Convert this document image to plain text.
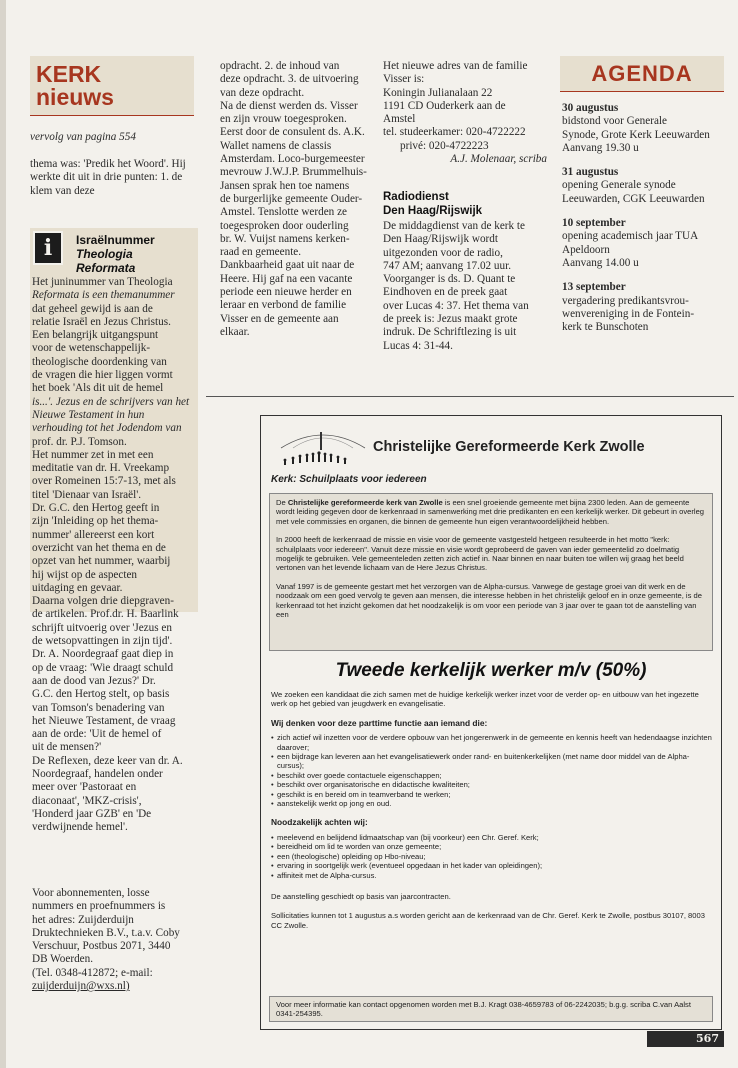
KERK
nieuws
vervolg van pagina 554
thema was: 'Predik het Woord'. Hij werkte dit uit in drie punten: 1. de klem van deze
i	Israëlnummer
Theologia
Reformata
Het juninummer van Theologia
Reformata is een themanummer
dat geheel gewijd is aan de
relatie Israël en Jezus Christus.
Een belangrijk uitgangspunt
voor de wetenschappelijk-
theologische doordenking van
de vragen die hier liggen vormt
het boek 'Als dit uit de hemel
is...'. Jezus en de schrijvers van het
Nieuwe Testament in hun
verhouding tot het Jodendom van
prof. dr. P.J. Tomson.
Het nummer zet in met een
meditatie van dr. H. Vreekamp
over Romeinen 15:7-13, met als
titel 'Dienaar van Israël'.
Dr. G.C. den Hertog geeft in
zijn 'Inleiding op het thema-
nummer' allereerst een kort
overzicht van het thema en de
opzet van het nummer, waarbij
hij wijst op de aspecten
uitdaging en gevaar.
Daarna volgen drie diepgraven-
de artikelen. Prof.dr. H. Baarlink
schrijft uitvoerig over 'Jezus en
de wetsopvattingen in zijn tijd'.
Dr. A. Noordegraaf gaat diep in
op de vraag: 'Wie draagt schuld
aan de dood van Jezus?' Dr.
G.C. den Hertog stelt, op basis
van Tomson's benadering van
het Nieuwe Testament, de vraag
aan de orde: 'Uit de hemel of
uit de mensen?'
De Reflexen, deze keer van dr. A.
Noordegraaf, handelen onder
meer over 'Pastoraat en
diaconaat', 'MKZ-crisis',
'Honderd jaar GZB' en 'De
verdwijnende hemel'.
Voor abonnementen, losse
nummers en proefnummers is
het adres: Zuijderduijn
Druktechnieken B.V., t.a.v. Coby
Verschuur, Postbus 2071, 3440
DB Woerden.
(Tel. 0348-412872; e-mail:
zuijderduijn@wxs.nl)
opdracht. 2. de inhoud van
deze opdracht. 3. de uitvoering
van deze opdracht.
Na de dienst werden ds. Visser
en zijn vrouw toegesproken.
Eerst door de consulent ds. A.K.
Wallet namens de classis
Amsterdam. Loco-burgemeester
mevrouw J.W.J.P. Brummelhuis-
Jansen sprak hen toe namens
de burgerlijke gemeente Ouder-
Amstel. Tenslotte werden ze
toegesproken door ouderling
br. W. Vuijst namens kerken-
raad en gemeente.
Dankbaarheid gaat uit naar de
Heere. Hij gaf na een vacante
periode een nieuwe herder en
leraar en verbond de familie
Visser en de gemeente aan
elkaar.
Het nieuwe adres van de familie
Visser is:
Koningin Julianalaan 22
1191 CD Ouderkerk aan de
Amstel
tel. studeerkamer: 020-4722222
privé: 020-4722223
A.J. Molenaar, scriba
Radiodienst
Den Haag/Rijswijk
De middagdienst van de kerk te
Den Haag/Rijswijk wordt
uitgezonden voor de radio,
747 AM; aanvang 17.02 uur.
Voorganger is ds. D. Quant te
Eindhoven en de preek gaat
over Lucas 4: 37. Het thema van
de preek is: Jezus maakt grote
indruk. De Schriftlezing is uit
Lucas 4: 31-44.
AGENDA
30 augustus
bidstond voor Generale
Synode, Grote Kerk Leeuwarden
Aanvang 19.30 u
31 augustus
opening Generale synode
Leeuwarden, CGK Leeuwarden
10 september
opening academisch jaar TUA
Apeldoorn
Aanvang 14.00 u
13 september
vergadering predikantsvrou-
wenvereniging in de Fontein-
kerk te Bunschoten
Christelijke Gereformeerde Kerk Zwolle
Kerk: Schuilplaats voor iedereen

De Christelijke gereformeerde kerk van Zwolle is een snel groeiende gemeente met bijna 2300 leden. Aan de gemeente wordt leiding gegeven door de kerkenraad in samenwerking met drie predikanten en een kerkelijk werker. Dit gebeurt in overleg met vele commissies en organen, die binnen de gemeente hun eigen verantwoordelijkheid hebben.

In 2000 heeft de kerkenraad de missie en visie voor de gemeente vastgesteld hetgeen resulteerde in het motto "kerk: schuilplaats voor iedereen". Vanuit deze missie en visie wordt geprobeerd de gaven van ieder gemeentelid zo doelmatig mogelijk te gebruiken. Vele gemeenteleden zetten zich actief in. Naar binnen en naar buiten toe willen wij graag het beeld vertonen van het levende lichaam van de Here Jezus Christus.

Vanaf 1997 is de gemeente gestart met het verzorgen van de Alpha-cursus. Vanwege de gestage groei van dit werk en de noodzaak om een goed vervolg te geven aan mensen, die interesse hebben in het christelijk geloof en in onze gemeente, is de kerkenraad tot het inzicht gekomen dat het noodzakelijk is om voor een periode van 3 jaar over te gaan tot de aanstelling van een

Tweede kerkelijk werker m/v (50%)

We zoeken een kandidaat die zich samen met de huidige kerkelijk werker inzet voor de verder op- en uitbouw van het ingezette werk op het gebied van jeugdwerk en evangelisatie.

Wij denken voor deze parttime functie aan iemand die:

• zich actief wil inzetten voor de verdere opbouw van het jongerenwerk in de gemeente en kennis heeft van hedendaagse inzichten daarover;
• een bijdrage kan leveren aan het evangelisatiewerk onder rand- en buitenkerkelijken (met name door middel van de Alpha-cursus);
• beschikt over goede contactuele eigenschappen;
• beschikt over organisatorische en didactische kwaliteiten;
• geschikt is en bereid om in teamverband te werken;
• aanstekelijk werkt op jong en oud.

Noodzakelijk achten wij:

• meelevend en belijdend lidmaatschap van (bij voorkeur) een Chr. Geref. Kerk;
• bereidheid om lid te worden van onze gemeente;
• een (theologische) opleiding op Hbo-niveau;
• ervaring in soortgelijk werk (eventueel opgedaan in het kader van opleidingen);
• affiniteit met de Alpha-cursus.

De aanstelling geschiedt op basis van jaarcontracten.

Sollicitaties kunnen tot 1 augustus a.s worden gericht aan de kerkenraad van de Chr. Geref. Kerk te Zwolle, postbus 30107, 8003 CC Zwolle.

Voor meer informatie kan contact opgenomen worden met B.J. Kragt 038-4659783 of 06-2242035; b.g.g. scriba C.van Aalst 0341-254395.

567
